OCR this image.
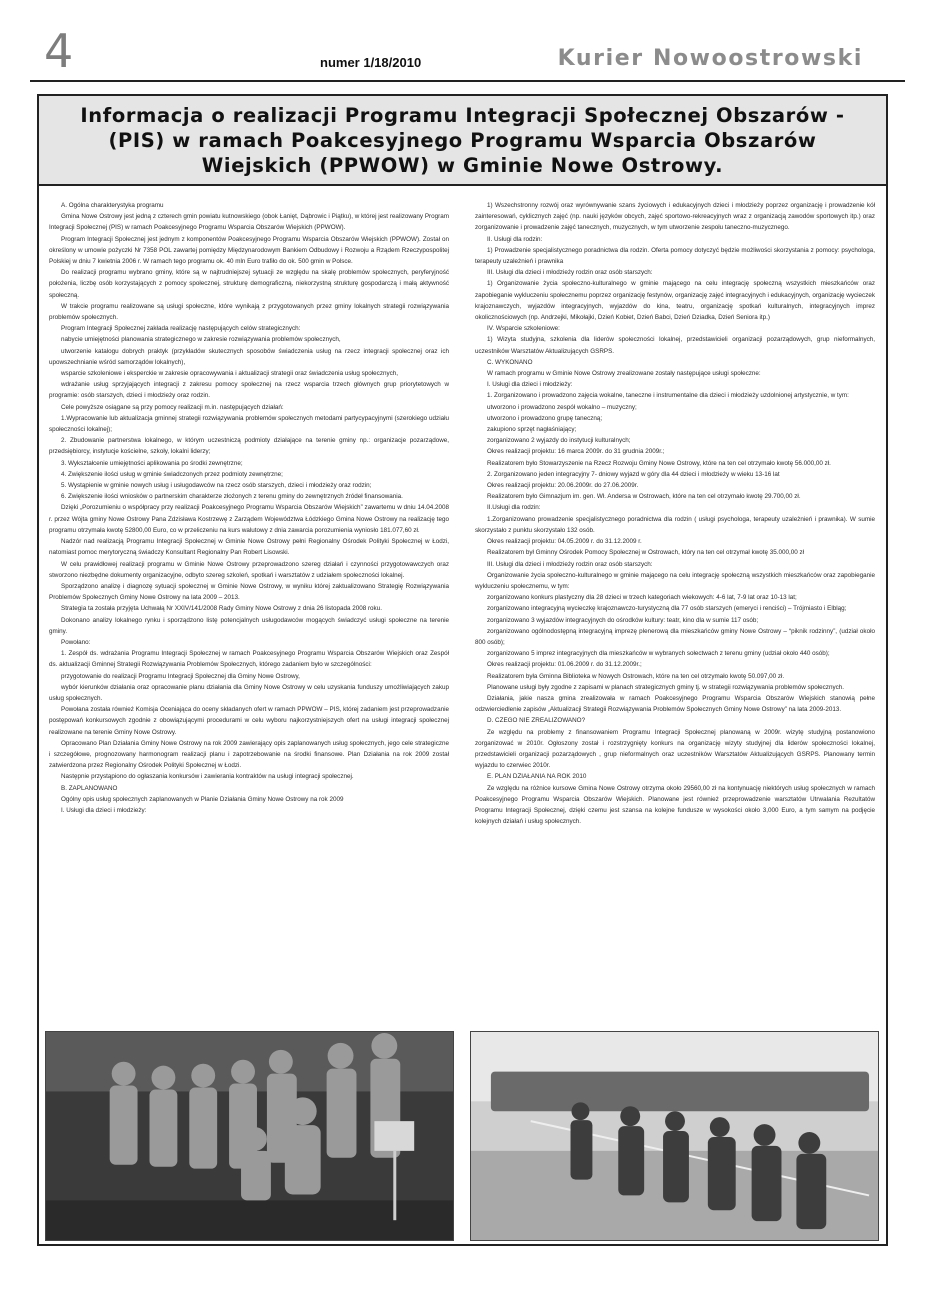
4	numer 1/18/2010	Kurier Nowoostrowski
Informacja o realizacji Programu Integracji Społecznej Obszarów - (PIS) w ramach Poakcesyjnego Programu Wsparcia Obszarów Wiejskich (PPWOW) w Gminie Nowe Ostrowy.

A. Ogólna charakterystyka programu

Gmina Nowe Ostrowy jest jedną z czterech gmin powiatu kutnowskiego (obok Łanięt, Dąbrowic i Piątku), w której jest realizowany Program Integracji Społecznej (PIS) w ramach Poakcesyjnego Programu Wsparcia Obszarów Wiejskich (PPWOW).

Program Integracji Społecznej jest jednym z komponentów Poakcesyjnego Programu Wsparcia Obszarów Wiejskich (PPWOW). Został on określony w umowie pożyczki Nr 7358 POL zawartej pomiędzy Międzynarodowym Bankiem Odbudowy i Rozwoju a Rządem Rzeczypospolitej Polskiej w dniu 7 kwietnia 2006 r. W ramach tego programu ok. 40 mln Euro trafiło do ok. 500 gmin w Polsce.

Do realizacji programu wybrano gminy, które są w najtrudniejszej sytuacji ze względu na skalę problemów społecznych, peryferyjność położenia, liczbę osób korzystających z pomocy społecznej, strukturę demograficzną, niekorzystną strukturę gospodarczą i małą aktywność społeczną.

W trakcie programu realizowane są usługi społeczne, które wynikają z przygotowanych przez gminy lokalnych strategii rozwiązywania problemów społecznych.

Program Integracji Społecznej zakłada realizację następujących celów strategicznych:

nabycie umiejętności planowania strategicznego w zakresie rozwiązywania problemów społecznych,

utworzenie katalogu dobrych praktyk (przykładów skutecznych sposobów świadczenia usług na rzecz integracji społecznej oraz ich upowszechnianie wśród samorządów lokalnych),

wsparcie szkoleniowe i eksperckie w zakresie opracowywania i aktualizacji strategii oraz świadczenia usług społecznych,

wdrażanie usług sprzyjających integracji z zakresu pomocy społecznej na rzecz wsparcia trzech głównych grup priorytetowych w programie: osób starszych, dzieci i młodzieży oraz rodzin.

Cele powyższe osiągane są przy pomocy realizacji m.in. następujących działań:

1.Wypracowanie lub aktualizacja gminnej strategii rozwiązywania problemów społecznych metodami partycypacyjnymi (szerokiego udziału społeczności lokalnej);

2. Zbudowanie partnerstwa lokalnego, w którym uczestniczą podmioty działające na terenie gminy np.: organizacje pozarządowe, przedsiębiorcy, instytucje kościelne, szkoły, lokalni liderzy;

3. Wykształcenie umiejętności aplikowania po środki zewnętrzne;

4. Zwiększenie ilości usług w gminie świadczonych przez podmioty zewnętrzne;

5. Wystąpienie w gminie nowych usług i usługodawców na rzecz osób starszych, dzieci i młodzieży oraz rodzin;

6. Zwiększenie ilości wniosków o partnerskim charakterze złożonych z terenu gminy do zewnętrznych źródeł finansowania.

Dzięki „Porozumieniu o współpracy przy realizacji Poakcesyjnego Programu Wsparcia Obszarów Wiejskich” zawartemu w dniu 14.04.2008 r. przez Wójta gminy Nowe Ostrowy Pana Zdzisława Kostrzewę z Zarządem Województwa Łódzkiego Gmina Nowe Ostrowy na realizację tego programu otrzymała kwotę 52800,00 Euro, co w przeliczeniu na kurs walutowy z dnia zawarcia porozumienia wyniosło 181.077,60 zł.

Nadzór nad realizacją Programu Integracji Społecznej w Gminie Nowe Ostrowy pełni Regionalny Ośrodek Polityki Społecznej w Łodzi, natomiast pomoc merytoryczną świadczy Konsultant Regionalny Pan Robert Lisowski.

W celu prawidłowej realizacji programu w Gminie Nowe Ostrowy przeprowadzono szereg działań i czynności przygotowawczych oraz stworzono niezbędne dokumenty organizacyjne, odbyto szereg szkoleń, spotkań i warsztatów z udziałem społeczności lokalnej.

Sporządzono analizę i diagnozę sytuacji społecznej w Gminie Nowe Ostrowy, w wyniku której zaktualizowano Strategię Rozwiązywania Problemów Społecznych Gminy Nowe Ostrowy na lata 2009 – 2013.

Strategia ta została przyjęta Uchwałą Nr XXIV/141/2008 Rady Gminy Nowe Ostrowy z dnia 26 listopada 2008 roku.

Dokonano analizy lokalnego rynku i sporządzono listę potencjalnych usługodawców mogących świadczyć usługi społeczne na terenie gminy.

Powołano:

1. Zespół ds. wdrażania Programu Integracji Społecznej w ramach Poakcesyjnego Programu Wsparcia Obszarów Wiejskich oraz Zespół ds. aktualizacji Gminnej Strategii Rozwiązywania Problemów Społecznych, którego zadaniem było w szczególności:

przygotowanie do realizacji Programu Integracji Społecznej dla Gminy Nowe Ostrowy,

wybór kierunków działania oraz opracowanie planu działania dla Gminy Nowe Ostrowy w celu uzyskania funduszy umożliwiających zakup usług społecznych.

Powołana została również Komisja Oceniająca do oceny składanych ofert w ramach PPWOW – PIS, której zadaniem jest przeprowadzanie postępowań konkursowych zgodnie z obowiązującymi procedurami w celu wyboru najkorzystniejszych ofert na usługi integracji społecznej realizowane na terenie Gminy Nowe Ostrowy.

Opracowano Plan Działania Gminy Nowe Ostrowy na rok 2009 zawierający opis zaplanowanych usług społecznych, jego cele strategiczne i szczegółowe, prognozowany harmonogram realizacji planu i zapotrzebowanie na środki finansowe. Plan Działania na rok 2009 został zatwierdzona przez Regionalny Ośrodek Polityki Społecznej w Łodzi.

Następnie przystąpiono do ogłaszania konkursów i zawierania kontraktów na usługi integracji społecznej.

B. ZAPLANOWANO

Ogólny opis usług społecznych zaplanowanych w Planie Działania Gminy Nowe Ostrowy na rok 2009

I. Usługi dla dzieci i młodzieży:

1) Wszechstronny rozwój oraz wyrównywanie szans życiowych i edukacyjnych dzieci i młodzieży poprzez organizację i prowadzenie kół zainteresowań, cyklicznych zajęć (np. nauki języków obcych, zajęć sportowo-rekreacyjnych wraz z organizacją zawodów sportowych itp.) oraz zorganizowanie i prowadzenie zajęć tanecznych, muzycznych, w tym utworzenie zespołu taneczno-muzycznego.

II. Usługi dla rodzin:

1) Prowadzenie specjalistycznego poradnictwa dla rodzin. Oferta pomocy dotyczyć będzie możliwości skorzystania z pomocy: psychologa, terapeuty uzależnień i prawnika

III. Usługi dla dzieci i młodzieży rodzin oraz osób starszych:

1) Organizowanie życia społeczno-kulturalnego w gminie mającego na celu integrację społeczną wszystkich mieszkańców oraz zapobieganie wykluczeniu społecznemu poprzez organizację festynów, organizację zajęć integracyjnych i edukacyjnych, organizację wycieczek krajoznawczych, wyjazdów integracyjnych, wyjazdów do kina, teatru, organizację spotkań kulturalnych, integracyjnych imprez okolicznościowych (np. Andrzejki, Mikołajki, Dzień Kobiet, Dzień Babci, Dzień Dziadka, Dzień Seniora itp.)

IV. Wsparcie szkoleniowe:

1) Wizyta studyjna, szkolenia dla liderów społeczności lokalnej, przedstawicieli organizacji pozarządowych, grup nieformalnych, uczestników Warsztatów Aktualizujących GSRPS.

C. WYKONANO

W ramach programu w Gminie Nowe Ostrowy zrealizowane zostały następujące usługi społeczne:

I. Usługi dla dzieci i młodzieży:

1. Zorganizowano i prowadzono zajęcia wokalne, taneczne i instrumentalne dla dzieci i młodzieży uzdolnionej artystycznie, w tym:

utworzono i prowadzono zespół wokalno – muzyczny;

utworzono i prowadzono grupę taneczną;

zakupiono sprzęt nagłaśniający;

zorganizowano 2 wyjazdy do instytucji kulturalnych;

Okres realizacji projektu: 16 marca 2009r. do 31 grudnia 2009r.;

Realizatorem było Stowarzyszenie na Rzecz Rozwoju Gminy Nowe Ostrowy, które na ten cel otrzymało kwotę 56.000,00 zł.

2. Zorganizowano jeden integracyjny 7- dniowy wyjazd w góry dla 44 dzieci i młodzieży w wieku 13-16 lat

Okres realizacji projektu: 20.06.2009r. do 27.06.2009r.

Realizatorem było Gimnazjum im. gen. Wł. Andersa w Ostrowach, które na ten cel otrzymało kwotę 29.700,00 zł.

II.Usługi dla rodzin:

1.Zorganizowano prowadzenie specjalistycznego poradnictwa dla rodzin ( usługi psychologa, terapeuty uzależnień i prawnika). W sumie skorzystało z punktu skorzystało 132 osób.

Okres realizacji projektu: 04.05.2009 r. do 31.12.2009 r.

Realizatorem był Gminny Ośrodek Pomocy Społecznej w Ostrowach, który na ten cel otrzymał kwotę 35.000,00 zł

III. Usługi dla dzieci i młodzieży rodzin oraz osób starszych:

Organizowanie życia społeczno-kulturalnego w gminie mającego na celu integrację społeczną wszystkich mieszkańców oraz zapobieganie wykluczeniu społecznemu, w tym:

zorganizowano konkurs plastyczny dla 28 dzieci w trzech kategoriach wiekowych: 4-6 lat, 7-9 lat oraz 10-13 lat;

zorganizowano integracyjną wycieczkę krajoznawczo-turystyczną dla 77 osób starszych (emeryci i renciści) – Trójmiasto i Elbląg;

zorganizowano 3 wyjazdów integracyjnych do ośrodków kultury: teatr, kino dla w sumie 117 osób;

zorganizowano ogólnodostępną integracyjną imprezę plenerową dla mieszkańców gminy Nowe Ostrowy – “piknik rodzinny”, (udział około 800 osób);

zorganizowano 5 imprez integracyjnych dla mieszkańców w wybranych sołectwach z terenu gminy (udział około 440 osób);

Okres realizacji projektu: 01.06.2009 r. do 31.12.2009r.;

Realizatorem była Gminna Biblioteka w Nowych Ostrowach, które na ten cel otrzymało kwotę 50.097,00 zł.

Planowane usługi były zgodne z zapisami w planach strategicznych gminy tj. w strategii rozwiązywania problemów społecznych.

Działania, jakie nasza gmina zrealizowała w ramach Poakcesyjnego Programu Wsparcia Obszarów Wiejskich stanowią pełne odzwierciedlenie zapisów „Aktualizacji Strategii Rozwiązywania Problemów Społecznych Gminy Nowe Ostrowy” na lata 2009-2013.

D. CZEGO NIE ZREALIZOWANO?

Ze względu na problemy z finansowaniem Programu Integracji Społecznej planowaną w 2009r. wizytę studyjną postanowiono zorganizować w 2010r. Ogłoszony został i rozstrzygnięty konkurs na organizację wizyty studyjnej dla liderów społeczności lokalnej, przedstawicieli organizacji pozarządowych , grup nieformalnych oraz uczestników Warsztatów Aktualizujących GSRPS. Planowany termin wyjazdu to czerwiec 2010r.

E. PLAN DZIAŁANIA NA ROK 2010

Ze względu na różnice kursowe Gmina Nowe Ostrowy otrzyma około 29560,00 zł na kontynuację niektórych usług społecznych w ramach Poakcesyjnego Programu Wsparcia Obszarów Wiejskich. Planowane jest również przeprowadzenie warsztatów Utrwalania Rezultatów Programu Integracji Społecznej, dzięki czemu jest szansa na kolejne fundusze w wysokości około 3,000 Euro, a tym samym na podjęcie kolejnych działań i usług społecznych.
